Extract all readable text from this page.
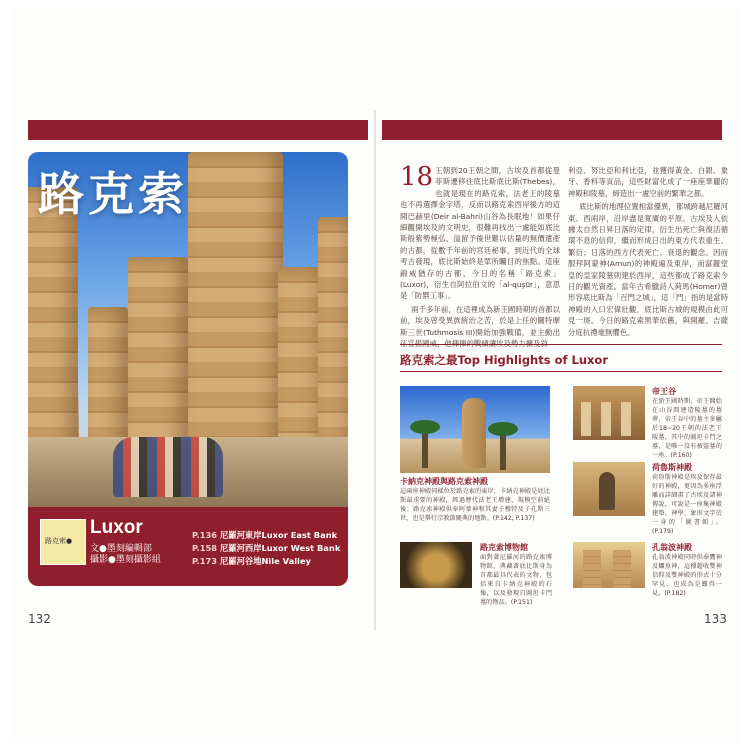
路克索
路克索●
Luxor
文●墨刻編輯部
攝影●墨刻攝影組
P.136 尼羅河東岸Luxor East Bank
P.158 尼羅河西岸Luxor West Bank
P.173 尼羅河谷地Nile Valley
132

18 王朝到20王朝之間，古埃及首都從曼菲斯遷移往底比斯底比斯(Thebes)，也就是現在的路克索，法老王的陵墓也不再選擇金字塔，反而以路克索西岸後方的這開巴赫里(Deir al-Bahri)山谷為長眠地！如果仔細觀開埃及的文明史，很難再找出一處能如底比斯般紫勢極弘、溢留予後世難以估量的無價遺產的古都，從數千年前的宮廷秘事，到近代的全球考古發現，底比斯始終是眾所矚目的焦點。這座錦威猶存的古都，今日的名稱「路克索」(Luxor)，衍生自阿拉伯文的「al-quşūr」，意思是「防禦工事」。

兩千多年前，在這裡成為新王國時期的首都以前，埃及曾受異族統治之苦，於是上任的圖特摩斯三世(Tuthmosis III)開始加強戰備，並主動出

利亞、努比亞和利比亞，並獲得黃金、白銀、象牙、香料等貢品，這些財富化成了一座座華麗的神殿和陵墓，締造出一處空前的繁華之都。

底比斯的地理位置相當優異，都城跨越尼羅河東、西兩岸，沿岸盡是寬廣的平原。古埃及人依據太自然日昇日落的定律，衍生出死亡與復活循環不息的信仰，繼而形成日出的東方代表重生、繁衍；日落的西方代表死亡、衰退的觀念。因而服拜阿蒙神(Amun)的神殿遍及東岸，而富麗堂皇的皇家陵墓則建於西岸，這些都成了路克索今日的觀光資產。當年古希臘詩人荷馬(Homer)曾形容底比斯為「百門之城」，這「門」指的是當時神殿的入口宏偉壯觀，底比斯古城的規模由此可見一斑。今日的路克索黑華依舊，與開羅、吉薩分庭抗禮毫無懼色。

路克索之最Top Highlights of Luxor
卡納克神殿與路克索神殿
這兩座神殿同樣位於路克索的東岸，卡納克神殿是底比斯最重要的神殿，經過歷代法老王增建，規模空前絕後；路克索神殿供奉阿蒙神和其妻子穆特及子孔斯三世，也是舉行宗教節慶典的地點。(P.142, P.137)
帝王谷
在新王國時期，帝王開始在山谷間建造陵墓的墓葬，帝王谷中的墓主多屬於18~20王朝的法老王陵墓，其中的圖坦卡門之墓，是唯一沒有被盜墓的一座。(P.160)
荷魯斯神殿
荷魯斯神殿是埃及保存最好的神殿，更因為多座浮雕而詳細畫了古埃及諸神傳說，可說是一座集神殿建築、神學、象形文字於一身的「圖書館」。(P.179)
路克索博物館
面對著尼羅河的路克索博物館，典藏著底比斯身為首都最具代表的文物，包括來自卡納克神殿的石像，以及發現自圖坦卡門墓的物品。(P.151)
孔翁波神殿
孔翁波神殿同時供奉鷹神及鱷魚神，這種超收雙神信仰及雙神殿的形式十分罕見，也成為是難得一見。(P.182)
133
